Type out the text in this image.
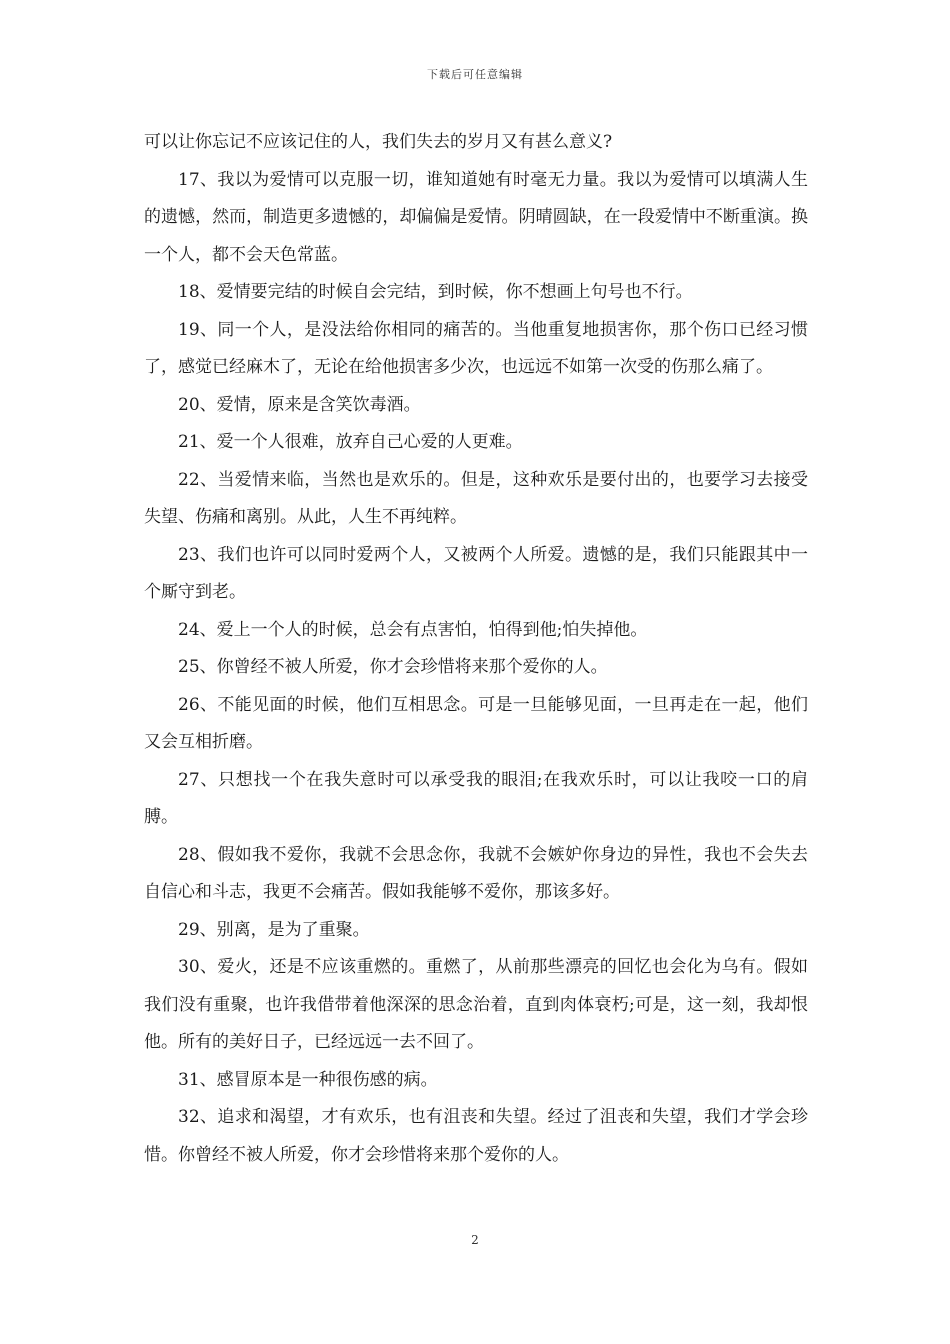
下载后可任意编辑

可以让你忘记不应该记住的人，我们失去的岁月又有甚么意义?

17、我以为爱情可以克服一切，谁知道她有时毫无力量。我以为爱情可以填满人生的遗憾，然而，制造更多遗憾的，却偏偏是爱情。阴晴圆缺，在一段爱情中不断重演。换一个人，都不会天色常蓝。

18、爱情要完结的时候自会完结，到时候，你不想画上句号也不行。

19、同一个人，是没法给你相同的痛苦的。当他重复地损害你，那个伤口已经习惯了，感觉已经麻木了，无论在给他损害多少次，也远远不如第一次受的伤那么痛了。

20、爱情，原来是含笑饮毒酒。

21、爱一个人很难，放弃自己心爱的人更难。

22、当爱情来临，当然也是欢乐的。但是，这种欢乐是要付出的，也要学习去接受失望、伤痛和离别。从此，人生不再纯粹。

23、我们也许可以同时爱两个人，又被两个人所爱。遗憾的是，我们只能跟其中一个厮守到老。

24、爱上一个人的时候，总会有点害怕，怕得到他;怕失掉他。

25、你曾经不被人所爱，你才会珍惜将来那个爱你的人。

26、不能见面的时候，他们互相思念。可是一旦能够见面，一旦再走在一起，他们又会互相折磨。

27、只想找一个在我失意时可以承受我的眼泪;在我欢乐时，可以让我咬一口的肩膊。

28、假如我不爱你，我就不会思念你，我就不会嫉妒你身边的异性，我也不会失去自信心和斗志，我更不会痛苦。假如我能够不爱你，那该多好。

29、别离，是为了重聚。

30、爱火，还是不应该重燃的。重燃了，从前那些漂亮的回忆也会化为乌有。假如我们没有重聚，也许我借带着他深深的思念治着，直到肉体衰朽;可是，这一刻，我却恨他。所有的美好日子，已经远远一去不回了。

31、感冒原本是一种很伤感的病。

32、追求和渴望，才有欢乐，也有沮丧和失望。经过了沮丧和失望，我们才学会珍惜。你曾经不被人所爱，你才会珍惜将来那个爱你的人。

2
